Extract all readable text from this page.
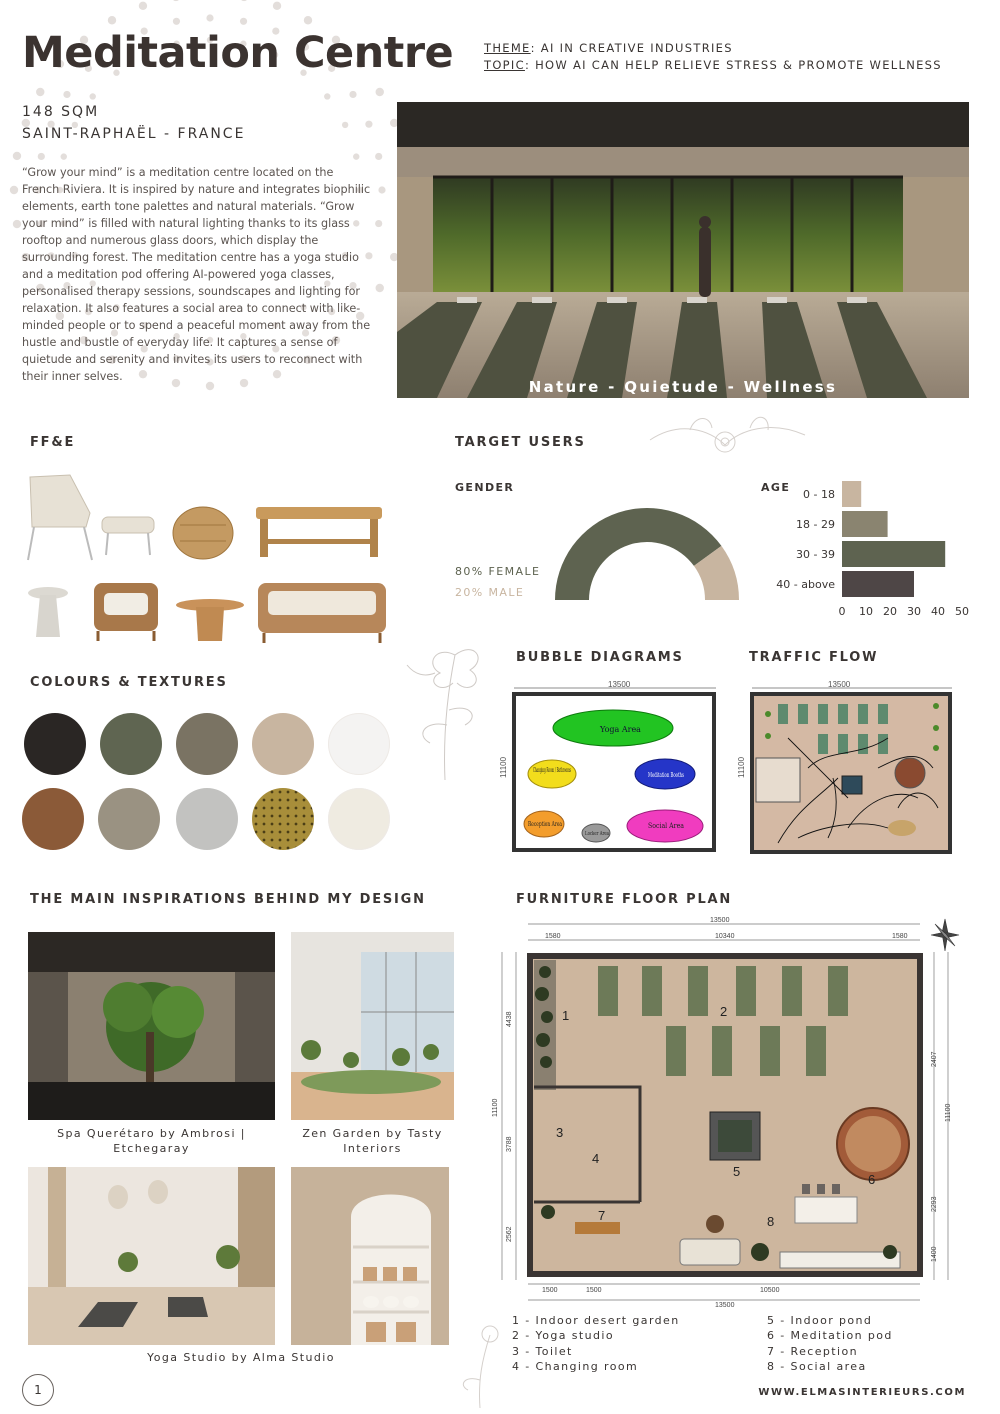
Meditation Centre	THEME: AI IN CREATIVE INDUSTRIES
TOPIC: HOW AI CAN HELP RELIEVE STRESS & PROMOTE WELLNESS
148 SQM
SAINT-RAPHAËL - FRANCE
“Grow your mind” is a meditation centre located on the French Riviera. It is inspired by nature and integrates biophilic elements, earth tone palettes and natural materials. “Grow your mind” is filled with natural lighting thanks to its glass rooftop and numerous glass doors, which display the surrounding forest. The meditation centre has a yoga studio and a meditation pod offering AI-powered yoga classes, personalised therapy sessions, soundscapes and lighting for relaxation. It also features a social area to connect with like-minded people or to spend a peaceful moment away from the hustle and bustle of everyday life. It captures a sense of quietude and serenity and invites its users to reconnect with their inner selves.
Nature - Quietude - Wellness
FF&E
COLOURS & TEXTURES
TARGET USERS
GENDER	AGE
80% FEMALE
20% MALE
0 - 18
18 - 29
30 - 39
40 - above
0 10 20 30 40 50
BUBBLE DIAGRAMS
13500
11100
Yoga Area
Changing Room / Bathrooms
Meditation Booths
Reception Area
Locker Area
Social Area
TRAFFIC FLOW
13500
11100
THE MAIN INSPIRATIONS BEHIND MY DESIGN
Spa Querétaro by Ambrosi | Etchegaray
Zen Garden by Tasty Interiors
Yoga Studio by Alma Studio
FURNITURE FLOOR PLAN
13500
1580	10340	1580
1500	1500	10500
13500
11100
4438
3788
2562
2407
2293
1400
11100
1	2
3
4
5
6
7	8
1 - Indoor desert garden
2 - Yoga studio
3 - Toilet
4 - Changing room
5 - Indoor pond
6 - Meditation pod
7 - Reception
8 - Social area
1	WWW.ELMASINTERIEURS.COM
